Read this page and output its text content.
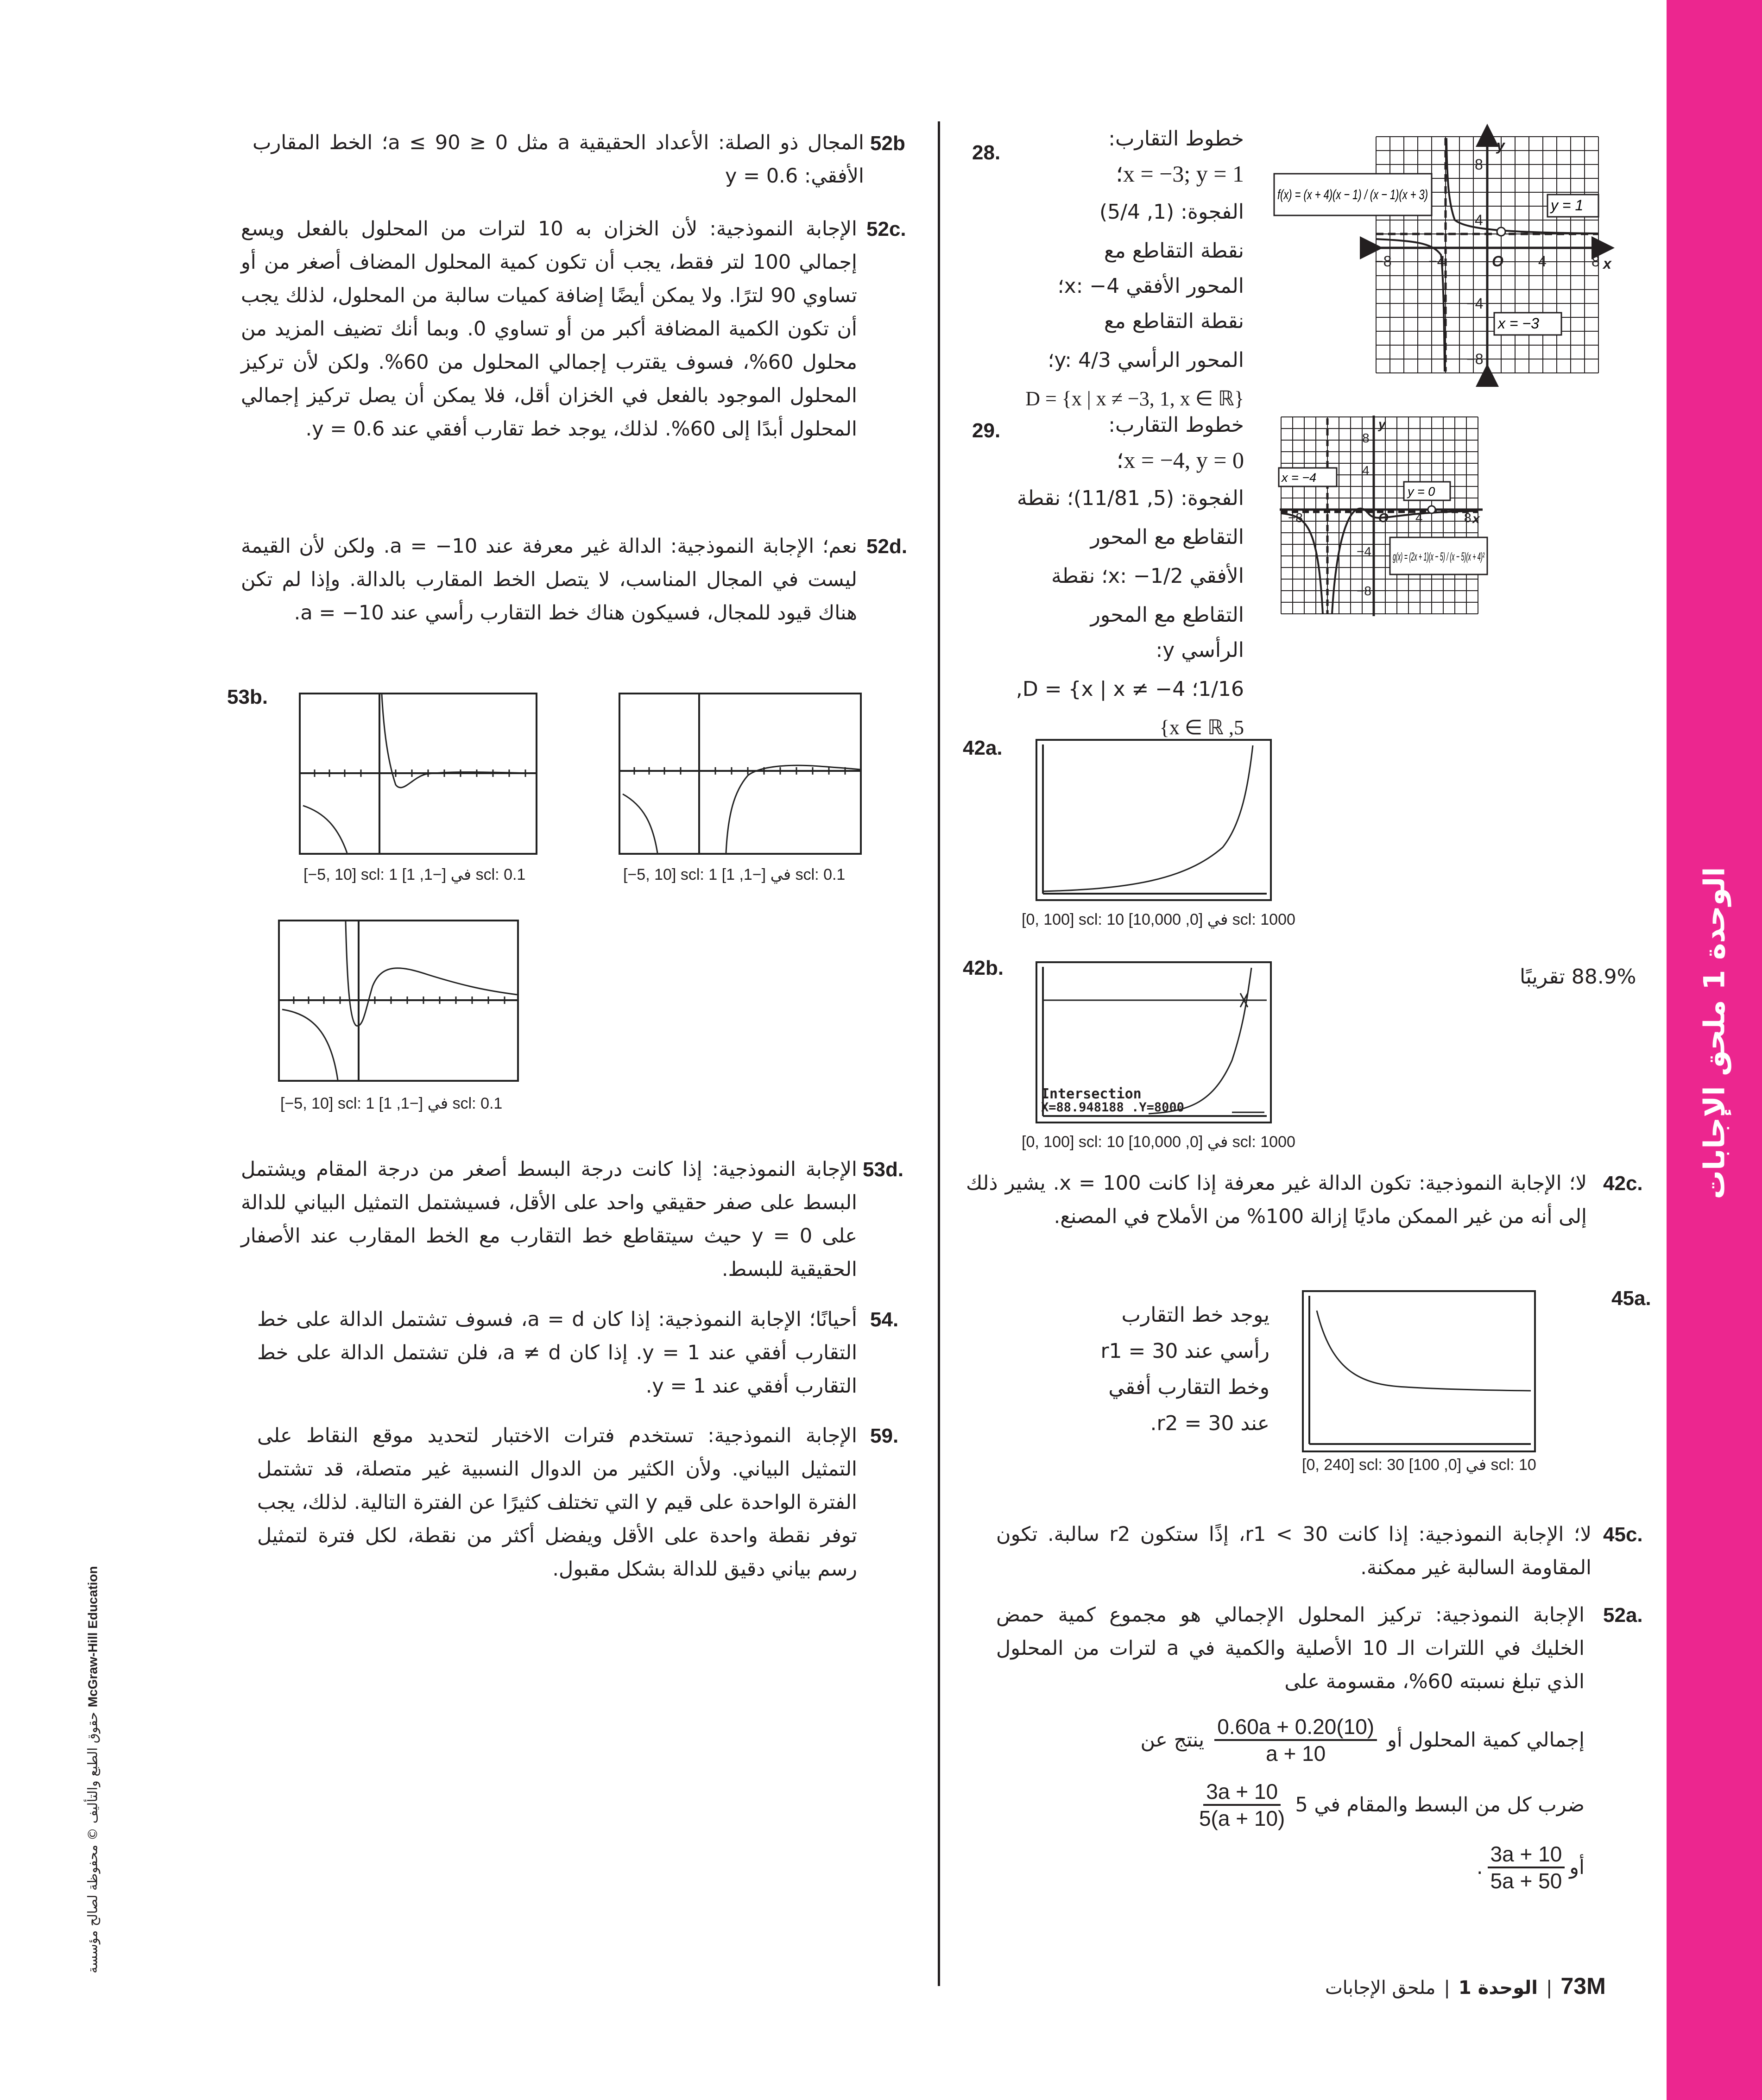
الوحدة 1 ملحق الإجابات
28.
خطوط التقارب:
x = −3; y = 1؛
الفجوة: (1, 5/4)
نقطة التقاطع مع
المحور الأفقي x: −4؛
نقطة التقاطع مع
المحور الرأسي y: 4/3؛
D = {x | x ≠ −3, 1, x ∈ ℝ}
−8 −4	O 4	8 x
y
8
4
−4
−8
f(x) = (x + 4)(x − 1) / (x − 1)(x + 3)
y = 1
x = −3
29.	خطوط التقارب:
x = −4, y = 0؛
الفجوة: (5, 11/81)؛ نقطة
التقاطع مع المحور
الأفقي x: −1/2؛ نقطة
التقاطع مع المحور
الرأسي y:
1/16؛ D = {x | x ≠ −4,
5, x ∈ ℝ}
−8	O 4	8 x
y
8
4
−4
−8
x = −4
y = 0
g(x) = (2x + 1)(x − 5) / (x − 5)(x + 4)²
42a.
[0, 100] scl: 10 في [0, 10,000] scl: 1000
42b.
Intersection
X=88.948188 .Y=8000
[0, 100] scl: 10 في [0, 10,000] scl: 1000
88.9% تقريبًا
42c.
لا؛ الإجابة النموذجية: تكون الدالة غير معرفة إذا كانت x = 100. يشير ذلك إلى أنه من غير الممكن ماديًا إزالة 100% من الأملاح في المصنع.
45a.
يوجد خط التقارب
رأسي عند r1 = 30
وخط التقارب أفقي
عند r2 = 30.
[0, 240] scl: 30 في [0, 100] scl: 10
45c.
لا؛ الإجابة النموذجية: إذا كانت r1 < 30، إذًا ستكون r2 سالبة. تكون المقاومة السالبة غير ممكنة.
52a.
الإجابة النموذجية: تركيز المحلول الإجمالي هو مجموع كمية حمض الخليك في اللترات الـ 10 الأصلية والكمية في a لترات من المحلول الذي تبلغ نسبته 60%، مقسومة على
إجمالي كمية المحلول أو
$\frac{0.60a + 0.20(10)}{a + 10}$
ينتج عن
ضرب كل من البسط والمقام في 5
$\frac{3a + 10}{5(a + 10)}$
أو
$\frac{3a + 10}{5a + 50}$
.
52b
المجال ذو الصلة: الأعداد الحقيقية a مثل 0 ≤ 90 ≥ a؛ الخط المقارب الأفقي: y = 0.6
52c.
الإجابة النموذجية: لأن الخزان به 10 لترات من المحلول بالفعل ويسع إجمالي 100 لتر فقط، يجب أن تكون كمية المحلول المضاف أصغر من أو تساوي 90 لترًا. ولا يمكن أيضًا إضافة كميات سالبة من المحلول، لذلك يجب أن تكون الكمية المضافة أكبر من أو تساوي 0. وبما أنك تضيف المزيد من محلول 60%، فسوف يقترب إجمالي المحلول من 60%. ولكن لأن تركيز المحلول الموجود بالفعل في الخزان أقل، فلا يمكن أن يصل تركيز إجمالي المحلول أبدًا إلى 60%. لذلك، يوجد خط تقارب أفقي عند y = 0.6.
52d.
نعم؛ الإجابة النموذجية: الدالة غير معرفة عند a = −10. ولكن لأن القيمة ليست في المجال المناسب، لا يتصل الخط المقارب بالدالة. وإذا لم تكن هناك قيود للمجال، فسيكون هناك خط التقارب رأسي عند a = −10.
53b.
[−5, 10] scl: 1 في [−1, 1] scl: 0.1	[−5, 10] scl: 1 في [−1, 1] scl: 0.1
[−5, 10] scl: 1 في [−1, 1] scl: 0.1
53d.
الإجابة النموذجية: إذا كانت درجة البسط أصغر من درجة المقام ويشتمل البسط على صفر حقيقي واحد على الأقل، فسيشتمل التمثيل البياني للدالة على y = 0 حيث سيتقاطع خط التقارب مع الخط المقارب عند الأصفار الحقيقية للبسط.
54.
أحيانًا؛ الإجابة النموذجية: إذا كان a = d، فسوف تشتمل الدالة على خط التقارب أفقي عند y = 1. إذا كان a ≠ d، فلن تشتمل الدالة على خط التقارب أفقي عند y = 1.
59.
الإجابة النموذجية: تستخدم فترات الاختبار لتحديد موقع النقاط على التمثيل البياني. ولأن الكثير من الدوال النسبية غير متصلة، قد تشتمل الفترة الواحدة على قيم y التي تختلف كثيرًا عن الفترة التالية. لذلك، يجب توفر نقطة واحدة على الأقل ويفضل أكثر من نقطة، لكل فترة لتمثيل رسم بياني دقيق للدالة بشكل مقبول.
حقوق الطبع والتأليف © محفوظة لصالح مؤسسة
McGraw-Hill Education
ملحق الإجابات | الوحدة 1 | 73M
